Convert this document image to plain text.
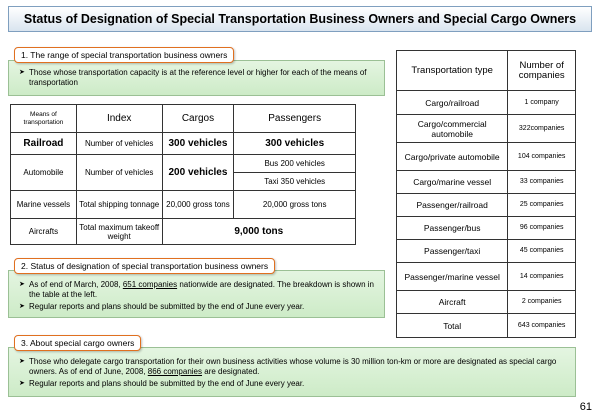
Status of Designation of Special Transportation Business Owners and Special Cargo Owners
1. The range of special transportation business owners
➤ Those whose transportation capacity is at the reference level or higher for each of the means of transportation
Means of transportation	Index	Cargos	Passengers
Railroad	Number of vehicles	300 vehicles	300 vehicles
Automobile	Number of vehicles	200 vehicles	Bus 200 vehicles
			Taxi 350 vehicles
Marine vessels	Total shipping tonnage	20,000 gross tons	20,000 gross tons
Aircrafts	Total maximum takeoff weight	9,000 tons	
2. Status of designation of special transportation business owners
➤ As of end of March, 2008, 651 companies nationwide are designated. The breakdown is shown in the table at the left.
➤ Regular reports and plans should be submitted by the end of June every year.
3. About special cargo owners
➤ Those who delegate cargo transportation for their own business activities whose volume is 30 million ton-km or more are designated as special cargo owners. As of end of June, 2008, 866 companies are designated.
➤ Regular reports and plans should be submitted by the end of June every year.
Transportation type	Number of companies
Cargo/railroad	1 company
Cargo/commercial automobile	322companies
Cargo/private automobile	104 companies
Cargo/marine vessel	33 companies
Passenger/railroad	25 companies
Passenger/bus	96 companies
Passenger/taxi	45 companies
Passenger/marine vessel	14 companies
Aircraft	2 companies
Total	643 companies
61
